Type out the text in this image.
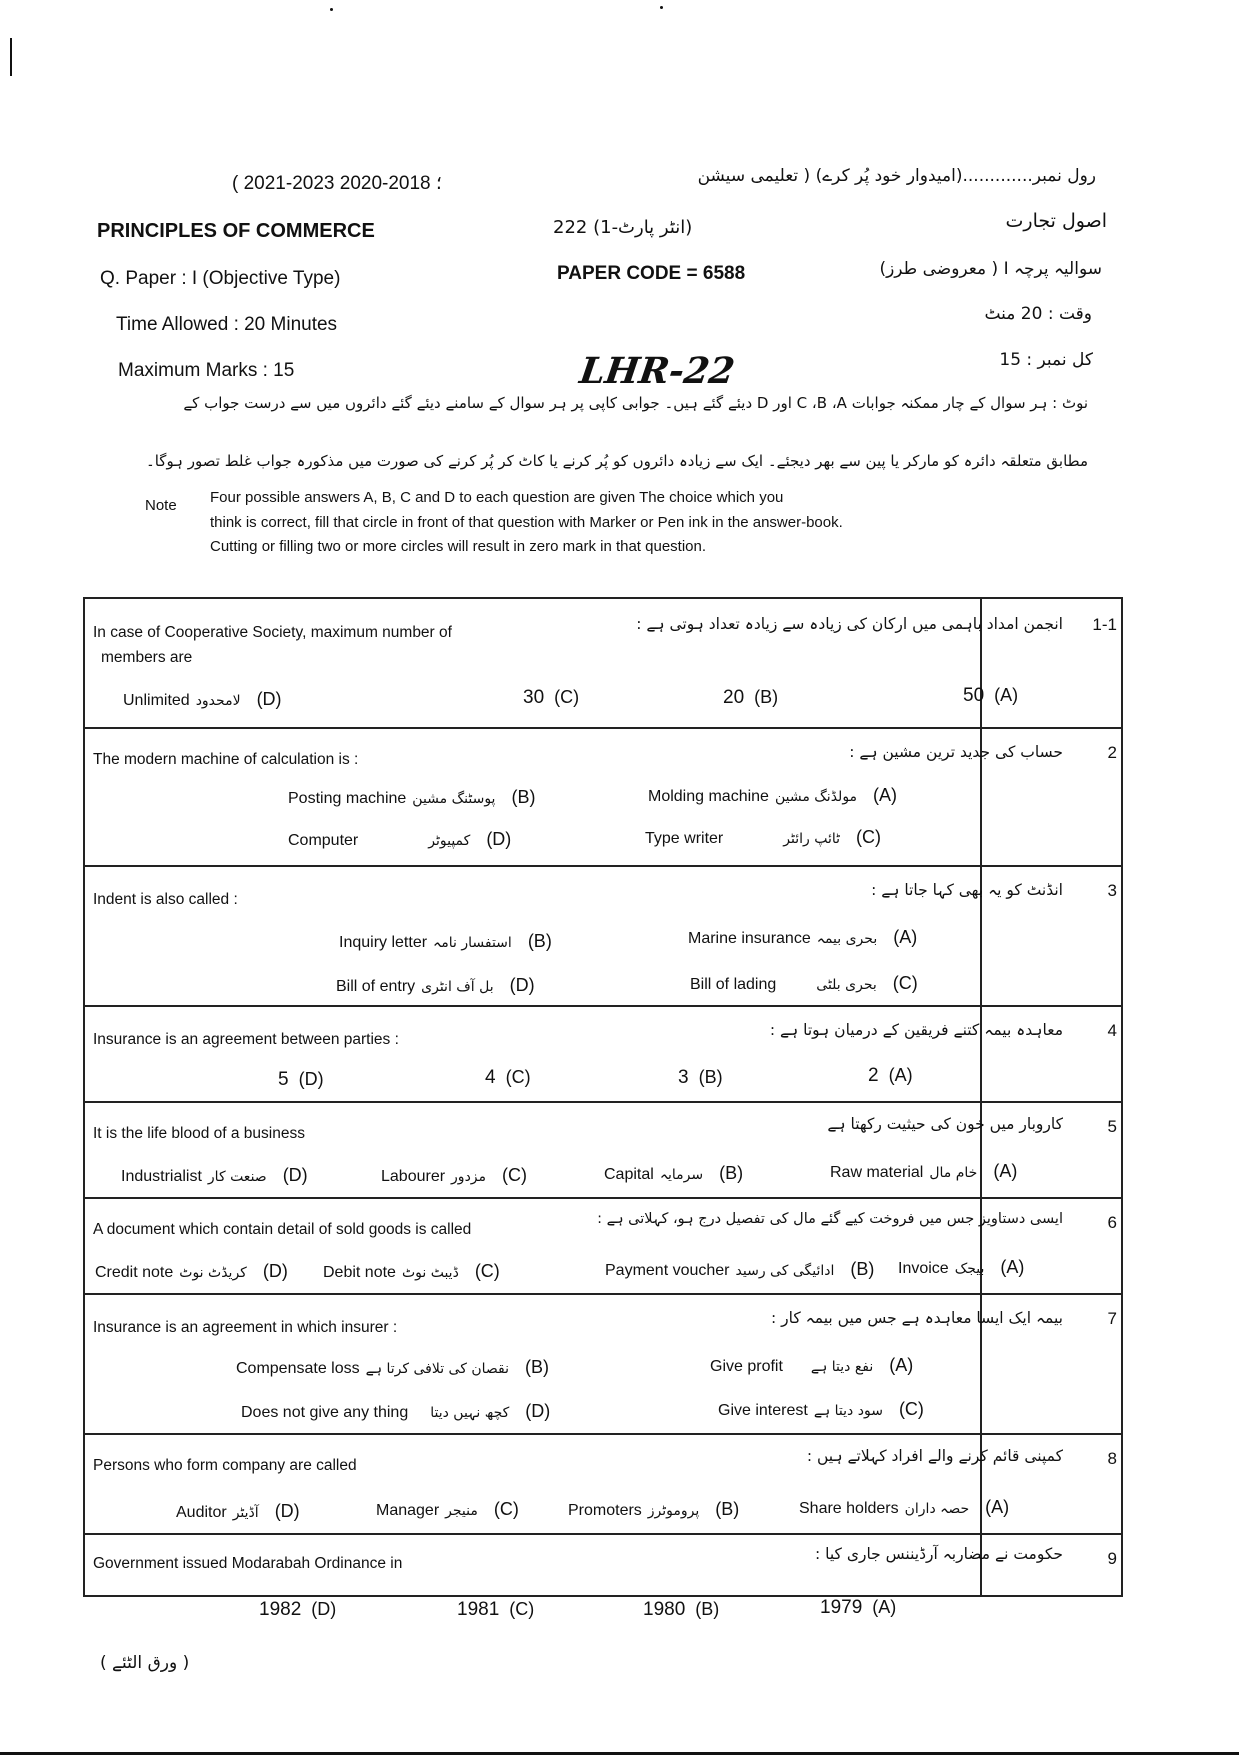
رول نمبر.............(امیدوار خود پُر کرے) ( تعلیمی سیشن
( 2021-2023 ؛ 2018-2020
PRINCIPLES OF COMMERCE	(انٹر پارٹ-1) 222	اصول تجارت
Q. Paper : I (Objective Type)	PAPER CODE = 6588	سوالیہ پرچہ I ( معروضی طرز)
Time Allowed : 20 Minutes	وقت : 20 منٹ
Maximum Marks : 15	LHR-22	کل نمبر : 15
نوٹ : ہر سوال کے چار ممکنہ جوابات C ،B ،A اور D دیئے گئے ہیں۔ جوابی کاپی پر ہر سوال کے سامنے دیئے گئے دائروں میں سے درست جواب کے
مطابق متعلقہ دائرہ کو مارکر یا پین سے بھر دیجئے۔ ایک سے زیادہ دائروں کو پُر کرنے یا کاٹ کر پُر کرنے کی صورت میں مذکورہ جواب غلط تصور ہوگا۔
Note Four possible answers A, B, C and D to each question are given The choice which you
think is correct, fill that circle in front of that question with Marker or Pen ink in the answer-book.
Cutting or filling two or more circles will result in zero mark in that question.
In case of Cooperative Society, maximum number of
members are
انجمن امداد باہمی میں ارکان کی زیادہ سے زیادہ تعداد ہوتی ہے : 1-1
Unlimited لامحدود (D)	30 (C)	20 (B)	50 (A)
The modern machine of calculation is :	حساب کی جدید ترین مشین ہے :	2
Posting machine پوسٹنگ مشین (B)	Molding machine مولڈنگ مشین (A)
Computer	کمپیوٹر (D)	Type writer	ٹائپ رائٹر (C)
Indent is also called :
انڈنٹ کو یہ بھی کہا جاتا ہے :	3
Inquiry letter استفسار نامہ (B)	Marine insurance بحری بیمہ (A)
Bill of entry بل آف انٹری (D)	Bill of lading	بحری بلٹی (C)
Insurance is an agreement between parties :
معاہدہ بیمہ کتنے فریقین کے درمیان ہوتا ہے :	4
5 (D)	4 (C)	3 (B)	2 (A)
It is the life blood of a business
کاروبار میں خون کی حیثیت رکھتا ہے	5
Industrialist صنعت کار (D)	Labourer مزدور (C)	Capital سرمایہ (B)	Raw material خام مال (A)
A document which contain detail of sold goods is called
ایسی دستاویز جس میں فروخت کیے گئے مال کی تفصیل درج ہو، کہلاتی ہے :	6
Credit note کریڈٹ نوٹ (D) Debit note ڈیبٹ نوٹ (C)	Payment voucher ادائیگی کی رسید (B) Invoice بیجک (A)
Insurance is an agreement in which insurer :
بیمہ ایک ایسا معاہدہ ہے جس میں بیمہ کار :	7
Compensate loss نقصان کی تلافی کرتا ہے (B)	Give profit نفع دیتا ہے (A)
Does not give any thing کچھ نہیں دیتا (D)	Give interest سود دیتا ہے (C)
Persons who form company are called
کمپنی قائم کرنے والے افراد کہلاتے ہیں :	8
Auditor آڈیٹر (D)	Manager منیجر (C)	Promoters پروموٹرز (B)	Share holders حصہ داران (A)
Government issued Modarabah Ordinance in
حکومت نے مضاربہ آرڈیننس جاری کیا :	9
1982 (D)	1981 (C)	1980 (B)	1979 (A)
( ورق الٹئے )
